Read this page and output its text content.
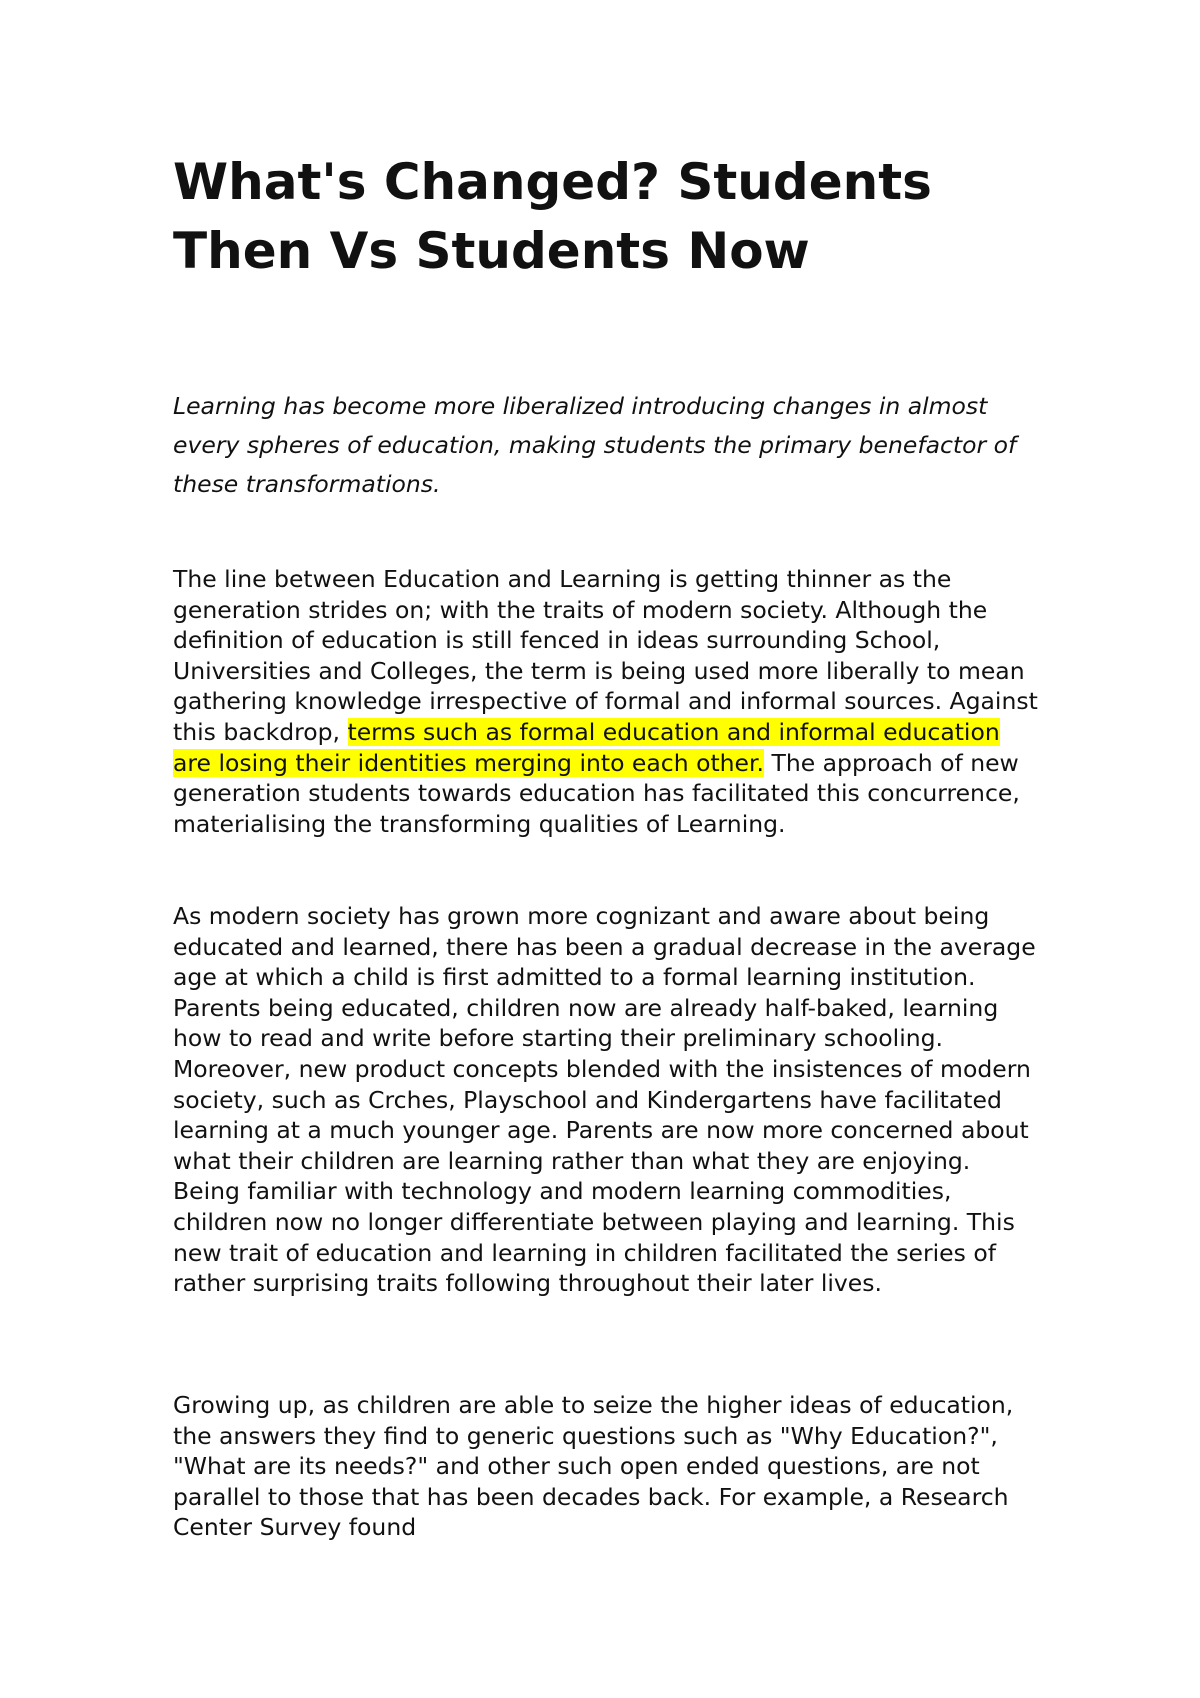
What's Changed? Students Then Vs Students Now

Learning has become more liberalized introducing changes in almost every spheres of education, making students the primary benefactor of these transformations.

The line between Education and Learning is getting thinner as the generation strides on; with the traits of modern society. Although the definition of education is still fenced in ideas surrounding School, Universities and Colleges, the term is being used more liberally to mean gathering knowledge irrespective of formal and informal sources. Against this backdrop, terms such as formal education and informal education are losing their identities merging into each other. The approach of new generation students towards education has facilitated this concurrence, materialising the transforming qualities of Learning.

As modern society has grown more cognizant and aware about being educated and learned, there has been a gradual decrease in the average age at which a child is first admitted to a formal learning institution. Parents being educated, children now are already half-baked, learning how to read and write before starting their preliminary schooling. Moreover, new product concepts blended with the insistences of modern society, such as Crches, Playschool and Kindergartens have facilitated learning at a much younger age. Parents are now more concerned about what their children are learning rather than what they are enjoying. Being familiar with technology and modern learning commodities, children now no longer differentiate between playing and learning. This new trait of education and learning in children facilitated the series of rather surprising traits following throughout their later lives.

Growing up, as children are able to seize the higher ideas of education, the answers they find to generic questions such as "Why Education?", "What are its needs?" and other such open ended questions, are not parallel to those that has been decades back. For example, a Research Center Survey found
